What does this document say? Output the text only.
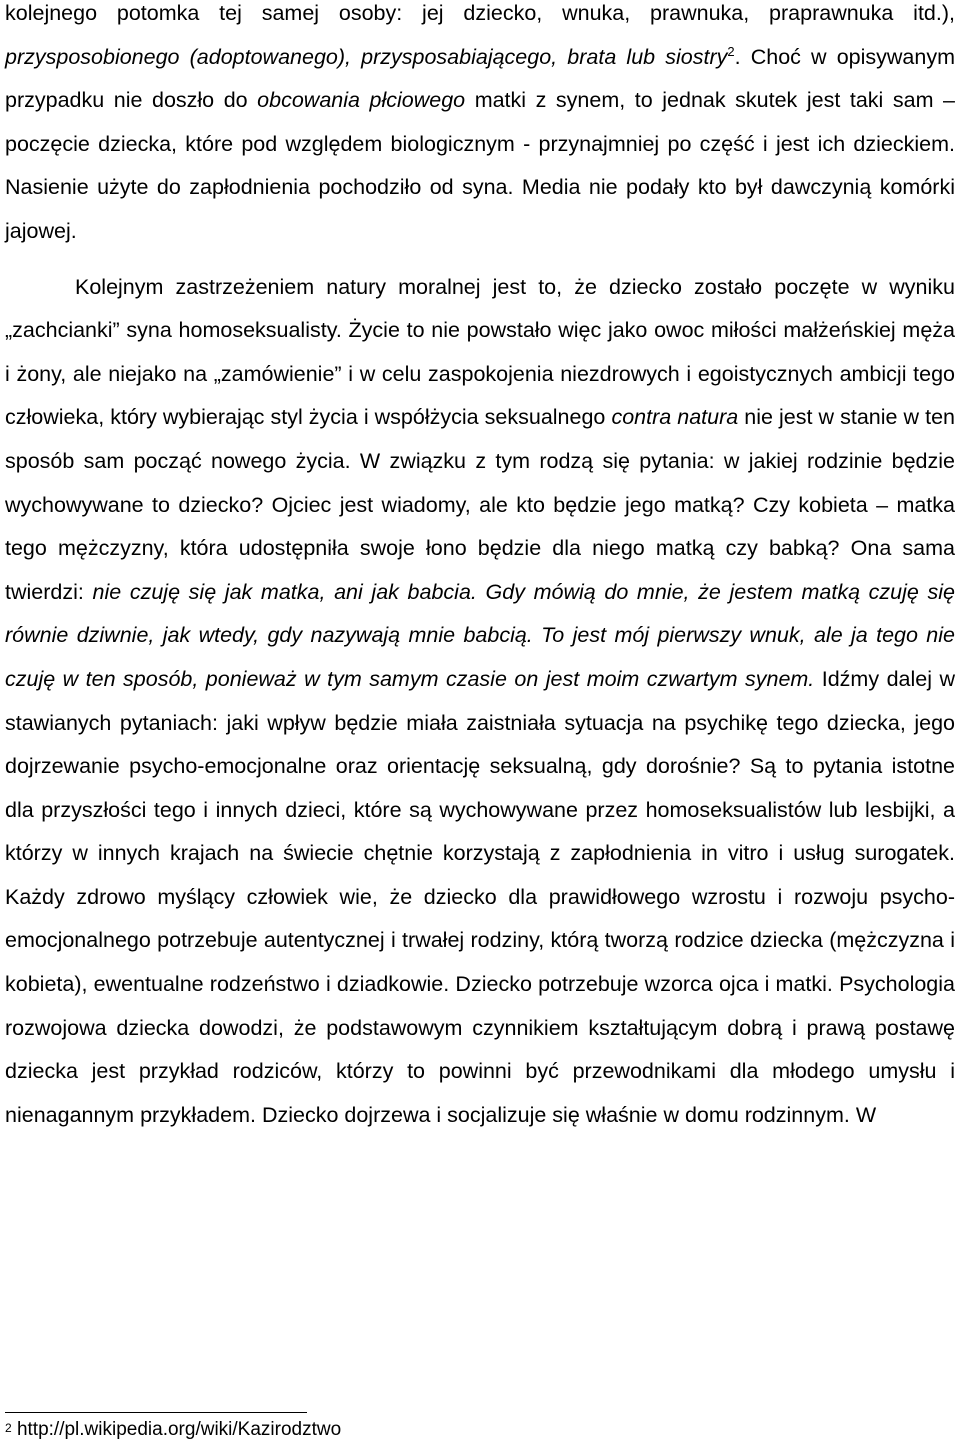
kolejnego potomka tej samej osoby: jej dziecko, wnuka, prawnuka, praprawnuka itd.), przysposobionego (adoptowanego), przysposabiającego, brata lub siostry$^2$. Choć w opisywanym przypadku nie doszło do obcowania płciowego matki z synem, to jednak skutek jest taki sam – poczęcie dziecka, które pod względem biologicznym - przynajmniej po część i jest ich dzieckiem. Nasienie użyte do zapłodnienia pochodziło od syna. Media nie podały kto był dawczynią komórki jajowej.

Kolejnym zastrzeżeniem natury moralnej jest to, że dziecko zostało poczęte w wyniku „zachcianki” syna homoseksualisty. Życie to nie powstało więc jako owoc miłości małżeńskiej męża i żony, ale niejako na „zamówienie” i w celu zaspokojenia niezdrowych i egoistycznych ambicji tego człowieka, który wybierając styl życia i współżycia seksualnego contra natura nie jest w stanie w ten sposób sam począć nowego życia. W związku z tym rodzą się pytania: w jakiej rodzinie będzie wychowywane to dziecko? Ojciec jest wiadomy, ale kto będzie jego matką? Czy kobieta – matka tego mężczyzny, która udostępniła swoje łono będzie dla niego matką czy babką? Ona sama twierdzi: nie czuję się jak matka, ani jak babcia. Gdy mówią do mnie, że jestem matką czuję się równie dziwnie, jak wtedy, gdy nazywają mnie babcią. To jest mój pierwszy wnuk, ale ja tego nie czuję w ten sposób, ponieważ w tym samym czasie on jest moim czwartym synem. Idźmy dalej w stawianych pytaniach: jaki wpływ będzie miała zaistniała sytuacja na psychikę tego dziecka, jego dojrzewanie psycho-emocjonalne oraz orientację seksualną, gdy dorośnie? Są to pytania istotne dla przyszłości tego i innych dzieci, które są wychowywane przez homoseksualistów lub lesbijki, a którzy w innych krajach na świecie chętnie korzystają z zapłodnienia in vitro i usług surogatek. Każdy zdrowo myślący człowiek wie, że dziecko dla prawidłowego wzrostu i rozwoju psycho-emocjonalnego potrzebuje autentycznej i trwałej rodziny, którą tworzą rodzice dziecka (mężczyzna i kobieta), ewentualne rodzeństwo i dziadkowie. Dziecko potrzebuje wzorca ojca i matki. Psychologia rozwojowa dziecka dowodzi, że podstawowym czynnikiem kształtującym dobrą i prawą postawę dziecka jest przykład rodziców, którzy to powinni być przewodnikami dla młodego umysłu i nienagannym przykładem. Dziecko dojrzewa i socjalizuje się właśnie w domu rodzinnym. W

$^2$ http://pl.wikipedia.org/wiki/Kazirodztwo
